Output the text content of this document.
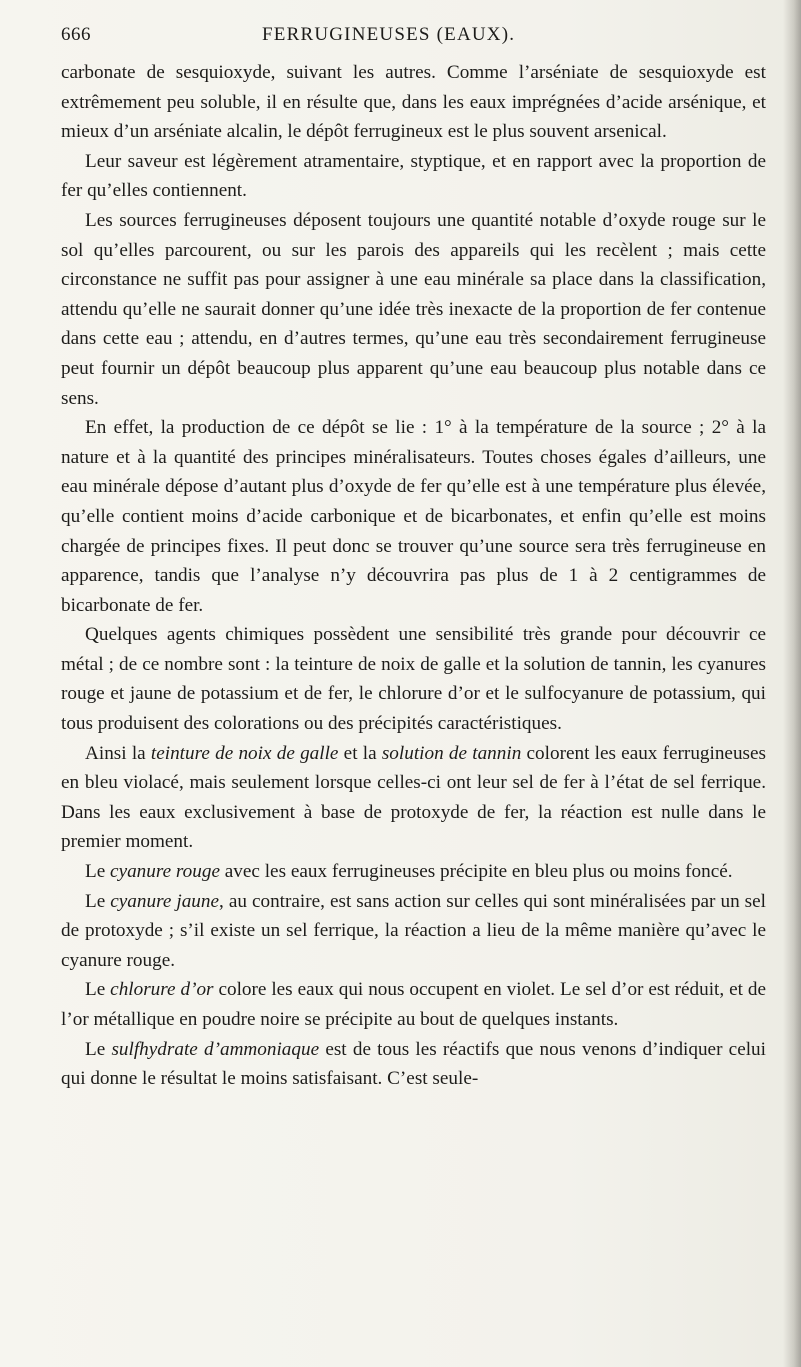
666	FERRUGINEUSES (EAUX).

carbonate de sesquioxyde, suivant les autres. Comme l’arséniate de sesquioxyde est extrêmement peu soluble, il en résulte que, dans les eaux imprégnées d’acide arsénique, et mieux d’un arséniate alcalin, le dépôt ferrugineux est le plus souvent arsenical.

Leur saveur est légèrement atramentaire, styptique, et en rapport avec la proportion de fer qu’elles contiennent.

Les sources ferrugineuses déposent toujours une quantité notable d’oxyde rouge sur le sol qu’elles parcourent, ou sur les parois des appareils qui les recèlent ; mais cette circonstance ne suffit pas pour assigner à une eau minérale sa place dans la classification, attendu qu’elle ne saurait donner qu’une idée très inexacte de la proportion de fer contenue dans cette eau ; attendu, en d’autres termes, qu’une eau très secondairement ferrugineuse peut fournir un dépôt beaucoup plus apparent qu’une eau beaucoup plus notable dans ce sens.

En effet, la production de ce dépôt se lie : 1° à la température de la source ; 2° à la nature et à la quantité des principes minéralisateurs. Toutes choses égales d’ailleurs, une eau minérale dépose d’autant plus d’oxyde de fer qu’elle est à une température plus élevée, qu’elle contient moins d’acide carbonique et de bicarbonates, et enfin qu’elle est moins chargée de principes fixes. Il peut donc se trouver qu’une source sera très ferrugineuse en apparence, tandis que l’analyse n’y découvrira pas plus de 1 à 2 centigrammes de bicarbonate de fer.

Quelques agents chimiques possèdent une sensibilité très grande pour découvrir ce métal ; de ce nombre sont : la teinture de noix de galle et la solution de tannin, les cyanures rouge et jaune de potassium et de fer, le chlorure d’or et le sulfocyanure de potassium, qui tous produisent des colorations ou des précipités caractéristiques.

Ainsi la teinture de noix de galle et la solution de tannin colorent les eaux ferrugineuses en bleu violacé, mais seulement lorsque celles-ci ont leur sel de fer à l’état de sel ferrique. Dans les eaux exclusivement à base de protoxyde de fer, la réaction est nulle dans le premier moment.

Le cyanure rouge avec les eaux ferrugineuses précipite en bleu plus ou moins foncé.

Le cyanure jaune, au contraire, est sans action sur celles qui sont minéralisées par un sel de protoxyde ; s’il existe un sel ferrique, la réaction a lieu de la même manière qu’avec le cyanure rouge.

Le chlorure d’or colore les eaux qui nous occupent en violet. Le sel d’or est réduit, et de l’or métallique en poudre noire se précipite au bout de quelques instants.

Le sulfhydrate d’ammoniaque est de tous les réactifs que nous venons d’indiquer celui qui donne le résultat le moins satisfaisant. C’est seule-
